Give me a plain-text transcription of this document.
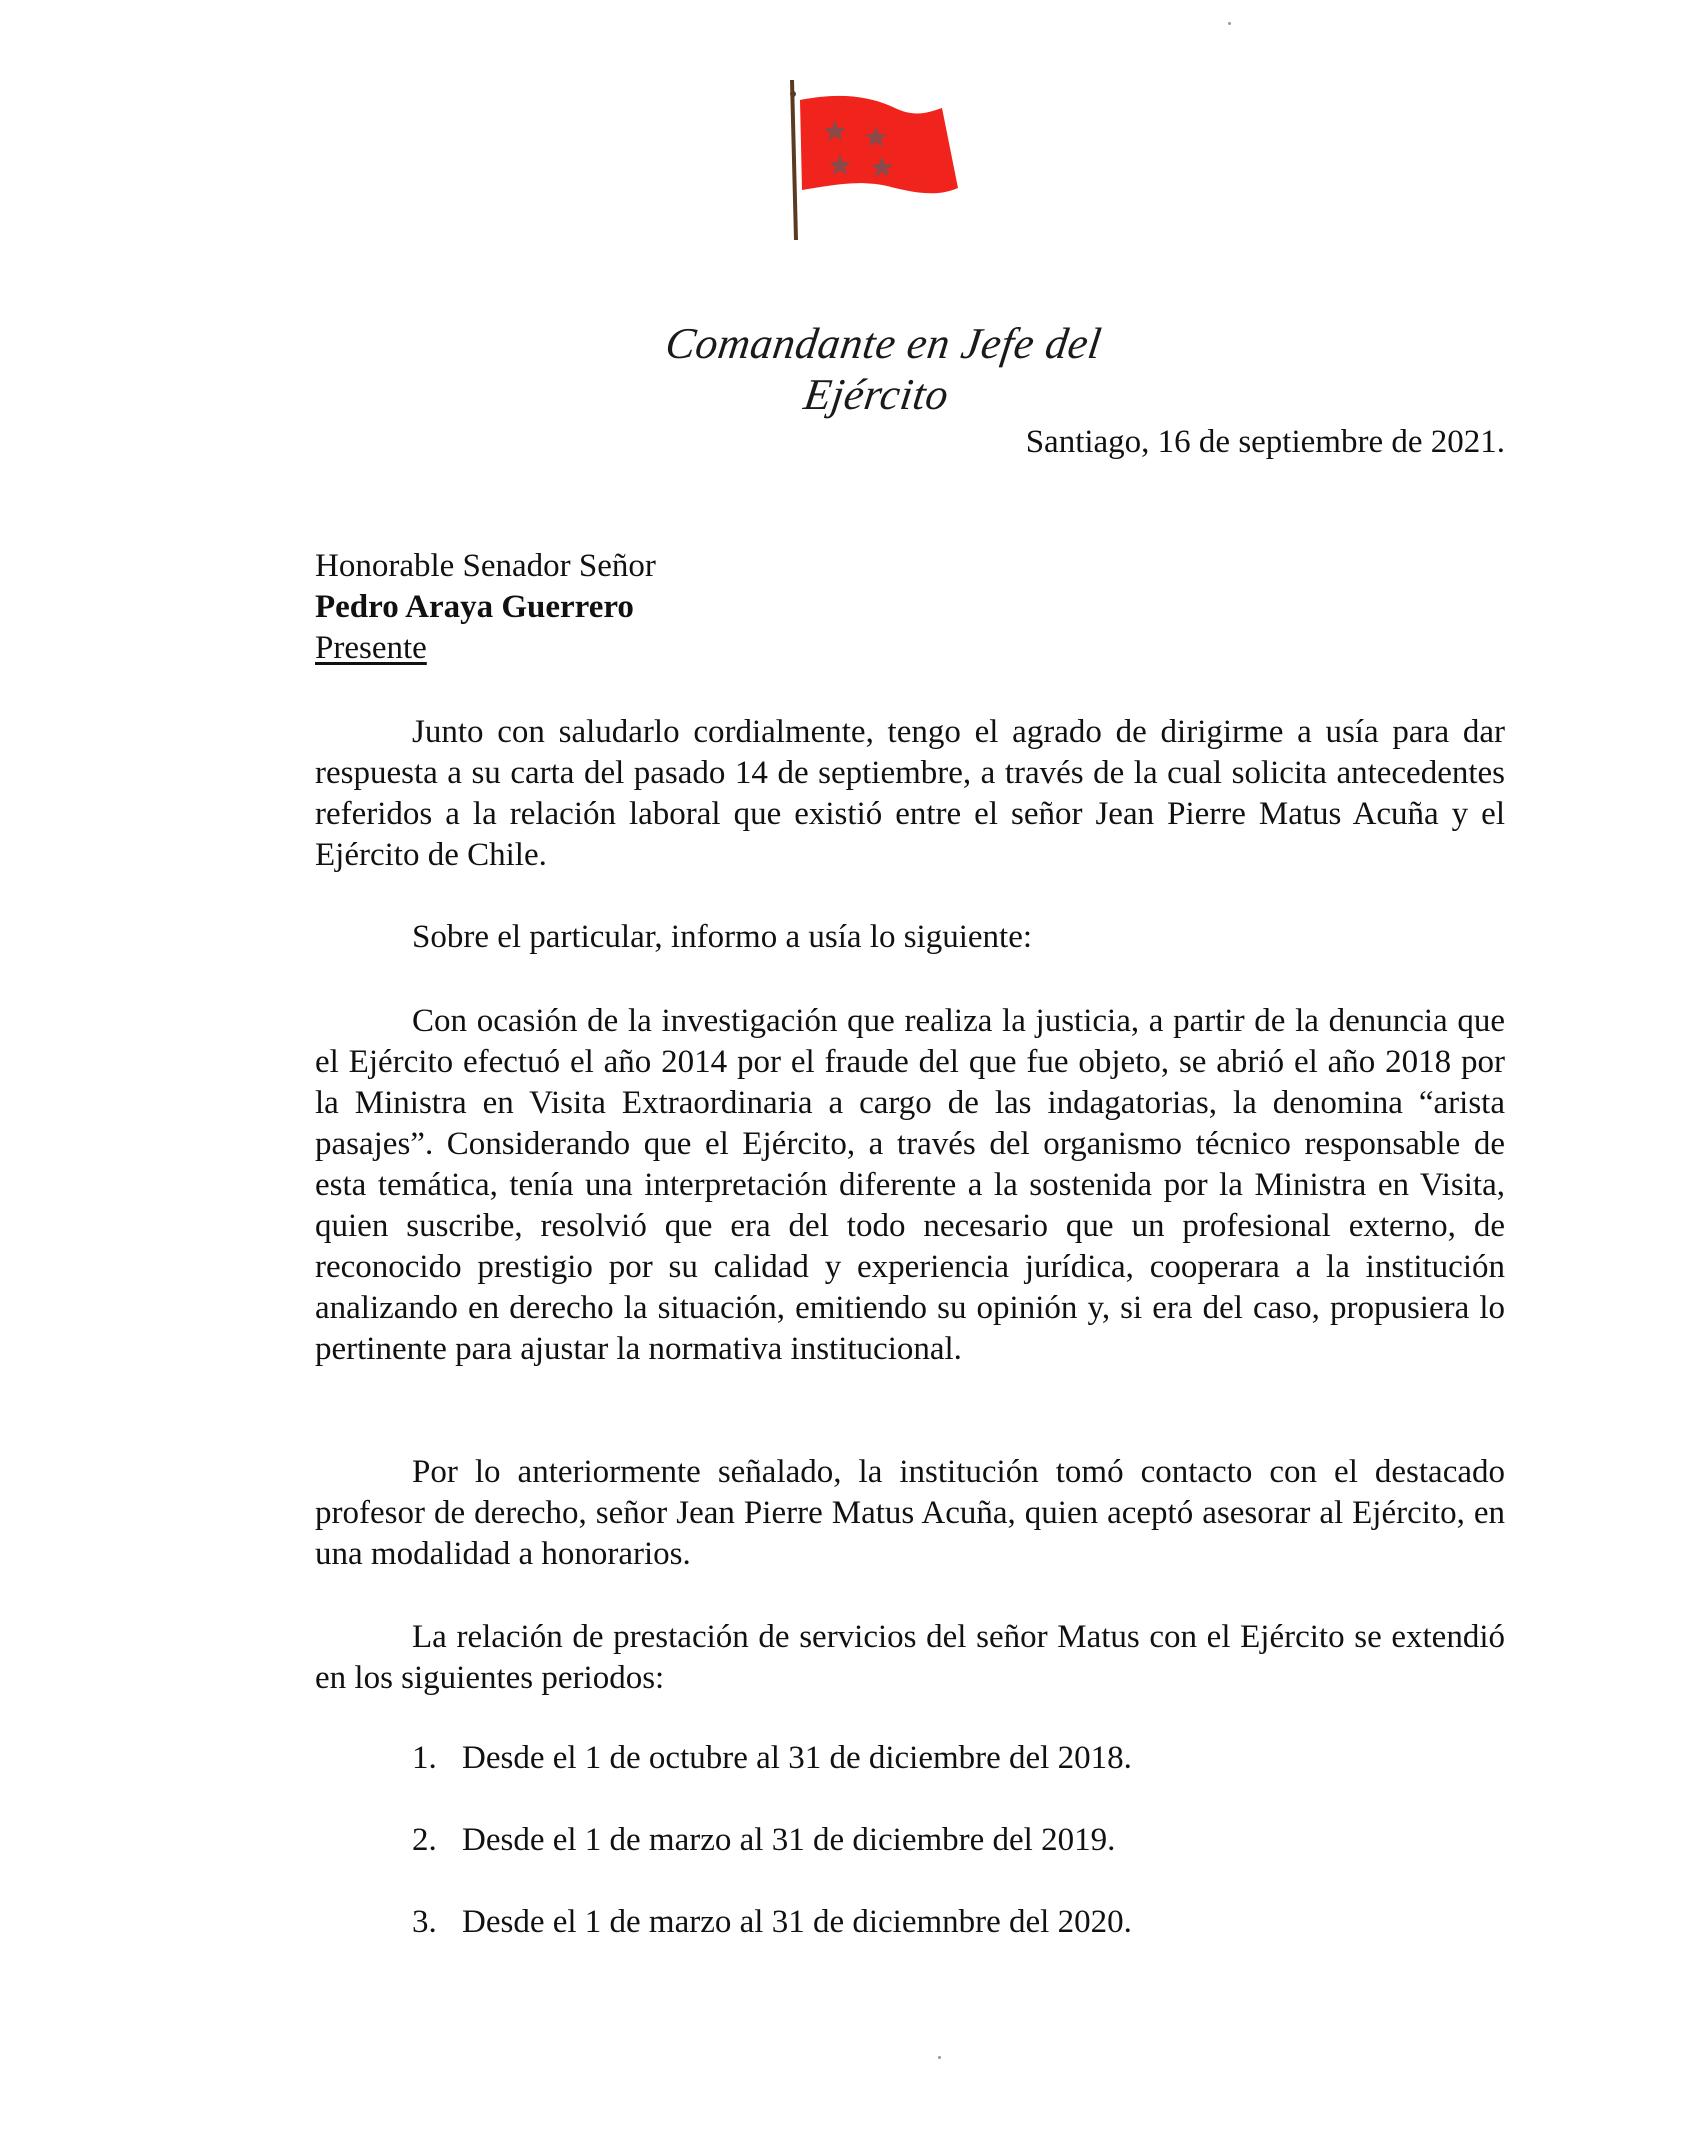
Comandante en Jefe del Ejército
Santiago, 16 de septiembre de 2021.
Honorable Senador Señor
Pedro Araya Guerrero
Presente

Junto con saludarlo cordialmente, tengo el agrado de dirigirme a usía para dar respuesta a su carta del pasado 14 de septiembre, a través de la cual solicita antecedentes referidos a la relación laboral que existió entre el señor Jean Pierre Matus Acuña y el Ejército de Chile.

Sobre el particular, informo a usía lo siguiente:

Con ocasión de la investigación que realiza la justicia, a partir de la denuncia que el Ejército efectuó el año 2014 por el fraude del que fue objeto, se abrió el año 2018 por la Ministra en Visita Extraordinaria a cargo de las indagatorias, la denomina “arista pasajes”. Considerando que el Ejército, a través del organismo técnico responsable de esta temática, tenía una interpretación diferente a la sostenida por la Ministra en Visita, quien suscribe, resolvió que era del todo necesario que un profesional externo, de reconocido prestigio por su calidad y experiencia jurídica, cooperara a la institución analizando en derecho la situación, emitiendo su opinión y, si era del caso, propusiera lo pertinente para ajustar la normativa institucional.

Por lo anteriormente señalado, la institución tomó contacto con el destacado profesor de derecho, señor Jean Pierre Matus Acuña, quien aceptó asesorar al Ejército, en una modalidad a honorarios.

La relación de prestación de servicios del señor Matus con el Ejército se extendió en los siguientes periodos:

1. Desde el 1 de octubre al 31 de diciembre del 2018.
2. Desde el 1 de marzo al 31 de diciembre del 2019.
3. Desde el 1 de marzo al 31 de diciemnbre del 2020.
